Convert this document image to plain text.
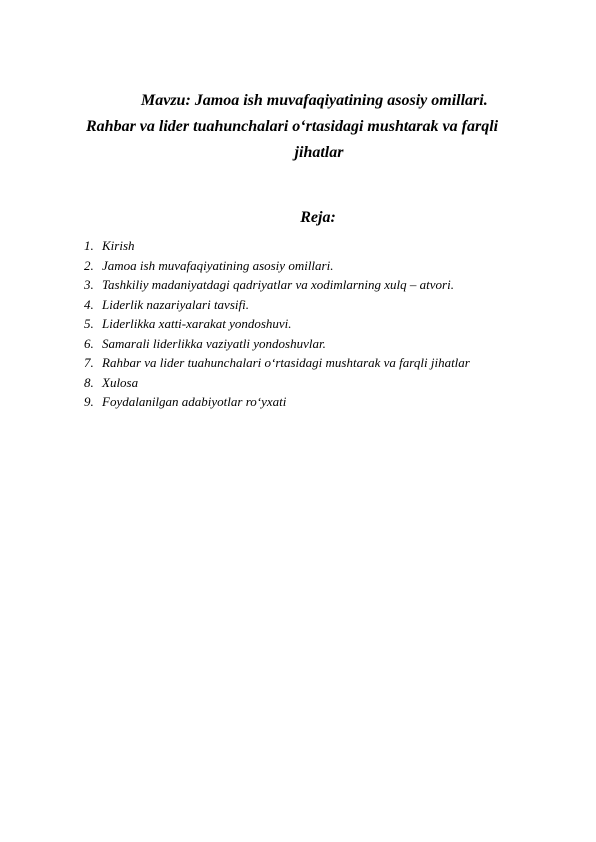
Mavzu: Jamoa ish muvafaqiyatining asosiy omillari.
Rahbar va lider tuahunchalari o‘rtasidagi mushtarak va farqli
jihatlar
Reja:
1. Kirish
2. Jamoa ish muvafaqiyatining asosiy omillari.
3. Tashkiliy madaniyatdagi qadriyatlar va xodimlarning xulq – atvori.
4. Liderlik nazariyalari tavsifi.
5. Liderlikka xatti-xarakat yondoshuvi.
6. Samarali liderlikka vaziyatli yondoshuvlar.
7. Rahbar va lider tuahunchalari o‘rtasidagi mushtarak va farqli jihatlar
8. Xulosa
9. Foydalanilgan adabiyotlar ro‘yxati
